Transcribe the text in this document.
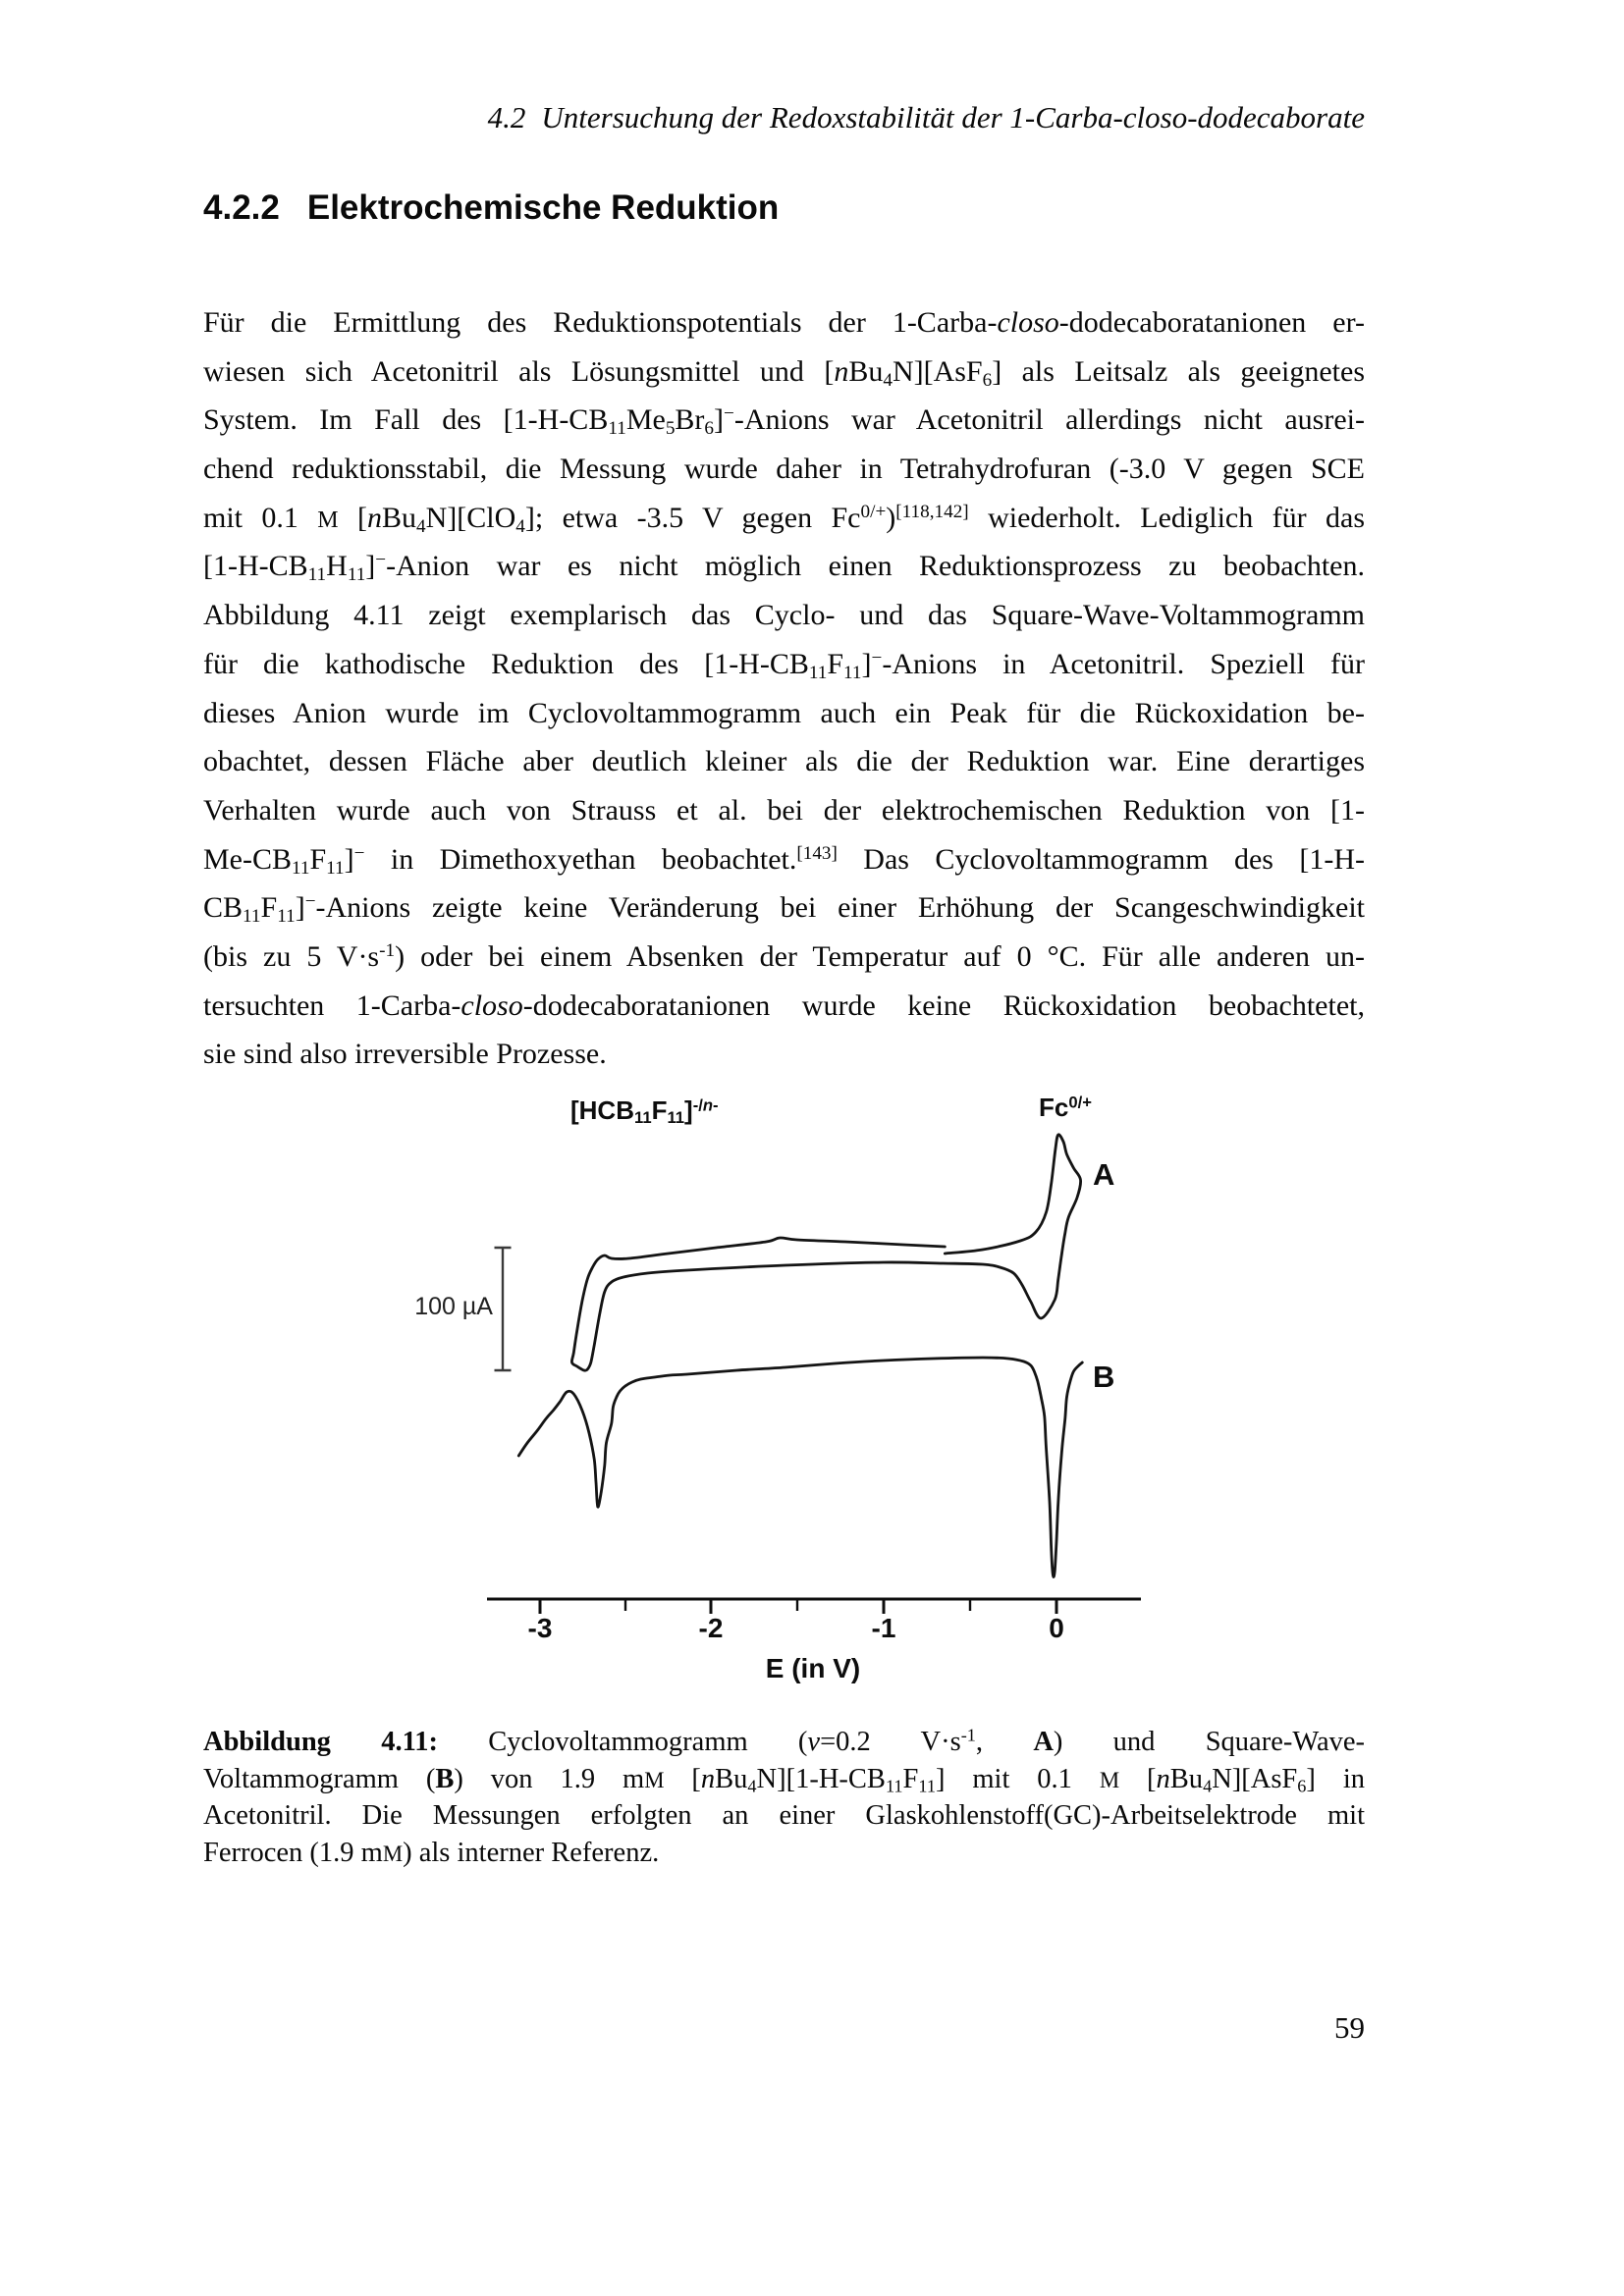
4.2 Untersuchung der Redoxstabilität der 1-Carba-closo-dodecaborate
4.2.2 Elektrochemische Reduktion
Für die Ermittlung des Reduktionspotentials der 1-Carba-closo-dodecaboratanionen er-
wiesen sich Acetonitril als Lösungsmittel und [nBu4N][AsF6] als Leitsalz als geeignetes
System. Im Fall des [1-H-CB11Me5Br6]−-Anions war Acetonitril allerdings nicht ausrei-
chend reduktionsstabil, die Messung wurde daher in Tetrahydrofuran (-3.0 V gegen SCE
mit 0.1 M [nBu4N][ClO4]; etwa -3.5 V gegen $Fc^{0/+})[118,142]$ wiederholt. Lediglich für das
[1-H-CB11H11]−-Anion war es nicht möglich einen Reduktionsprozess zu beobachten.
Abbildung 4.11 zeigt exemplarisch das Cyclo- und das Square-Wave-Voltammogramm
für die kathodische Reduktion des [1-H-CB11F11]−-Anions in Acetonitril. Speziell für
dieses Anion wurde im Cyclovoltammogramm auch ein Peak für die Rückoxidation be-
obachtet, dessen Fläche aber deutlich kleiner als die der Reduktion war. Eine derartiges
Verhalten wurde auch von Strauss et al. bei der elektrochemischen Reduktion von [1-
Me-CB11F11]− in Dimethoxyethan beobachtet.[143] Das Cyclovoltammogramm des [1-H-
CB11F11]−-Anions zeigte keine Veränderung bei einer Erhöhung der Scangeschwindigkeit
(bis zu 5 $V\cdot s^{-1}$) oder bei einem Absenken der Temperatur auf 0 °C. Für alle anderen un-
tersuchten 1-Carba-closo-dodecaboratanionen wurde keine Rückoxidation beobachtetet,
sie sind also irreversible Prozesse.
$[HCB11F11]^{-/n-}$	$Fc^{0/+}$
A
B
100 µA
-3	-2	-1	0
E (in V)
Abbildung 4.11: Cyclovoltammogramm (v=0.2 $V\cdot s^{-1}$, A) und Square-Wave-
Voltammogramm (B) von 1.9 mM [nBu4N][1-H-CB11F11] mit 0.1 M [nBu4N][AsF6] in
Acetonitril. Die Messungen erfolgten an einer Glaskohlenstoff(GC)-Arbeitselektrode mit
Ferrocen (1.9 mM) als interner Referenz.
59
